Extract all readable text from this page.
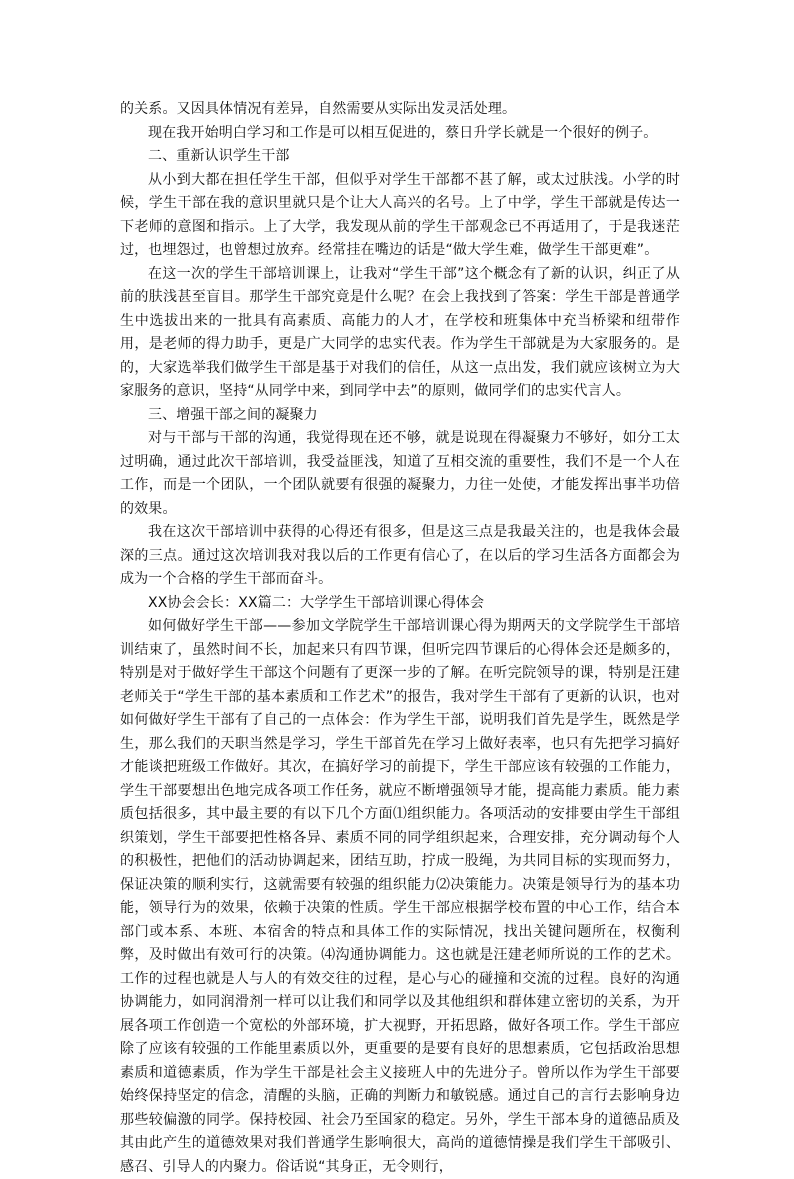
的关系。又因具体情况有差异，自然需要从实际出发灵活处理。

现在我开始明白学习和工作是可以相互促进的，蔡日升学长就是一个很好的例子。

二、重新认识学生干部

从小到大都在担任学生干部，但似乎对学生干部都不甚了解，或太过肤浅。小学的时候，学生干部在我的意识里就只是个让大人高兴的名号。上了中学，学生干部就是传达一下老师的意图和指示。上了大学，我发现从前的学生干部观念已不再适用了，于是我迷茫过，也埋怨过，也曾想过放弃。经常挂在嘴边的话是“做大学生难，做学生干部更难”。

在这一次的学生干部培训课上，让我对“学生干部”这个概念有了新的认识，纠正了从前的肤浅甚至盲目。那学生干部究竟是什么呢？在会上我找到了答案：学生干部是普通学生中选拔出来的一批具有高素质、高能力的人才，在学校和班集体中充当桥梁和纽带作用，是老师的得力助手，更是广大同学的忠实代表。作为学生干部就是为大家服务的。是的，大家选举我们做学生干部是基于对我们的信任，从这一点出发，我们就应该树立为大家服务的意识，坚持“从同学中来，到同学中去”的原则，做同学们的忠实代言人。

三、增强干部之间的凝聚力

对与干部与干部的沟通，我觉得现在还不够，就是说现在得凝聚力不够好，如分工太过明确，通过此次干部培训，我受益匪浅，知道了互相交流的重要性，我们不是一个人在工作，而是一个团队，一个团队就要有很强的凝聚力，力往一处使，才能发挥出事半功倍的效果。

我在这次干部培训中获得的心得还有很多，但是这三点是我最关注的，也是我体会最深的三点。通过这次培训我对我以后的工作更有信心了，在以后的学习生活各方面都会为成为一个合格的学生干部而奋斗。

XX协会会长：XX篇二：大学学生干部培训课心得体会

如何做好学生干部——参加文学院学生干部培训课心得为期两天的文学院学生干部培训结束了，虽然时间不长，加起来只有四节课，但听完四节课后的心得体会还是颇多的，特别是对于做好学生干部这个问题有了更深一步的了解。在听完院领导的课，特别是汪建老师关于“学生干部的基本素质和工作艺术”的报告，我对学生干部有了更新的认识，也对如何做好学生干部有了自己的一点体会：作为学生干部，说明我们首先是学生，既然是学生，那么我们的天职当然是学习，学生干部首先在学习上做好表率，也只有先把学习搞好才能谈把班级工作做好。其次，在搞好学习的前提下，学生干部应该有较强的工作能力，学生干部要想出色地完成各项工作任务，就应不断增强领导才能，提高能力素质。能力素质包括很多，其中最主要的有以下几个方面⑴组织能力。各项活动的安排要由学生干部组织策划，学生干部要把性格各异、素质不同的同学组织起来，合理安排，充分调动每个人的积极性，把他们的活动协调起来，团结互助，拧成一股绳，为共同目标的实现而努力，保证决策的顺利实行，这就需要有较强的组织能力⑵决策能力。决策是领导行为的基本功能，领导行为的效果，依赖于决策的性质。学生干部应根据学校布置的中心工作，结合本部门或本系、本班、本宿舍的特点和具体工作的实际情况，找出关键问题所在，权衡利弊，及时做出有效可行的决策。⑷沟通协调能力。这也就是汪建老师所说的工作的艺术。工作的过程也就是人与人的有效交往的过程，是心与心的碰撞和交流的过程。良好的沟通协调能力，如同润滑剂一样可以让我们和同学以及其他组织和群体建立密切的关系，为开展各项工作创造一个宽松的外部环境，扩大视野，开拓思路，做好各项工作。学生干部应除了应该有较强的工作能里素质以外，更重要的是要有良好的思想素质，它包括政治思想素质和道德素质，作为学生干部是社会主义接班人中的先进分子。曾所以作为学生干部要始终保持坚定的信念，清醒的头脑，正确的判断力和敏锐感。通过自己的言行去影响身边那些较偏激的同学。保持校园、社会乃至国家的稳定。另外，学生干部本身的道德品质及其由此产生的道德效果对我们普通学生影响很大，高尚的道德情操是我们学生干部吸引、感召、引导人的内聚力。俗话说“其身正，无令则行，
